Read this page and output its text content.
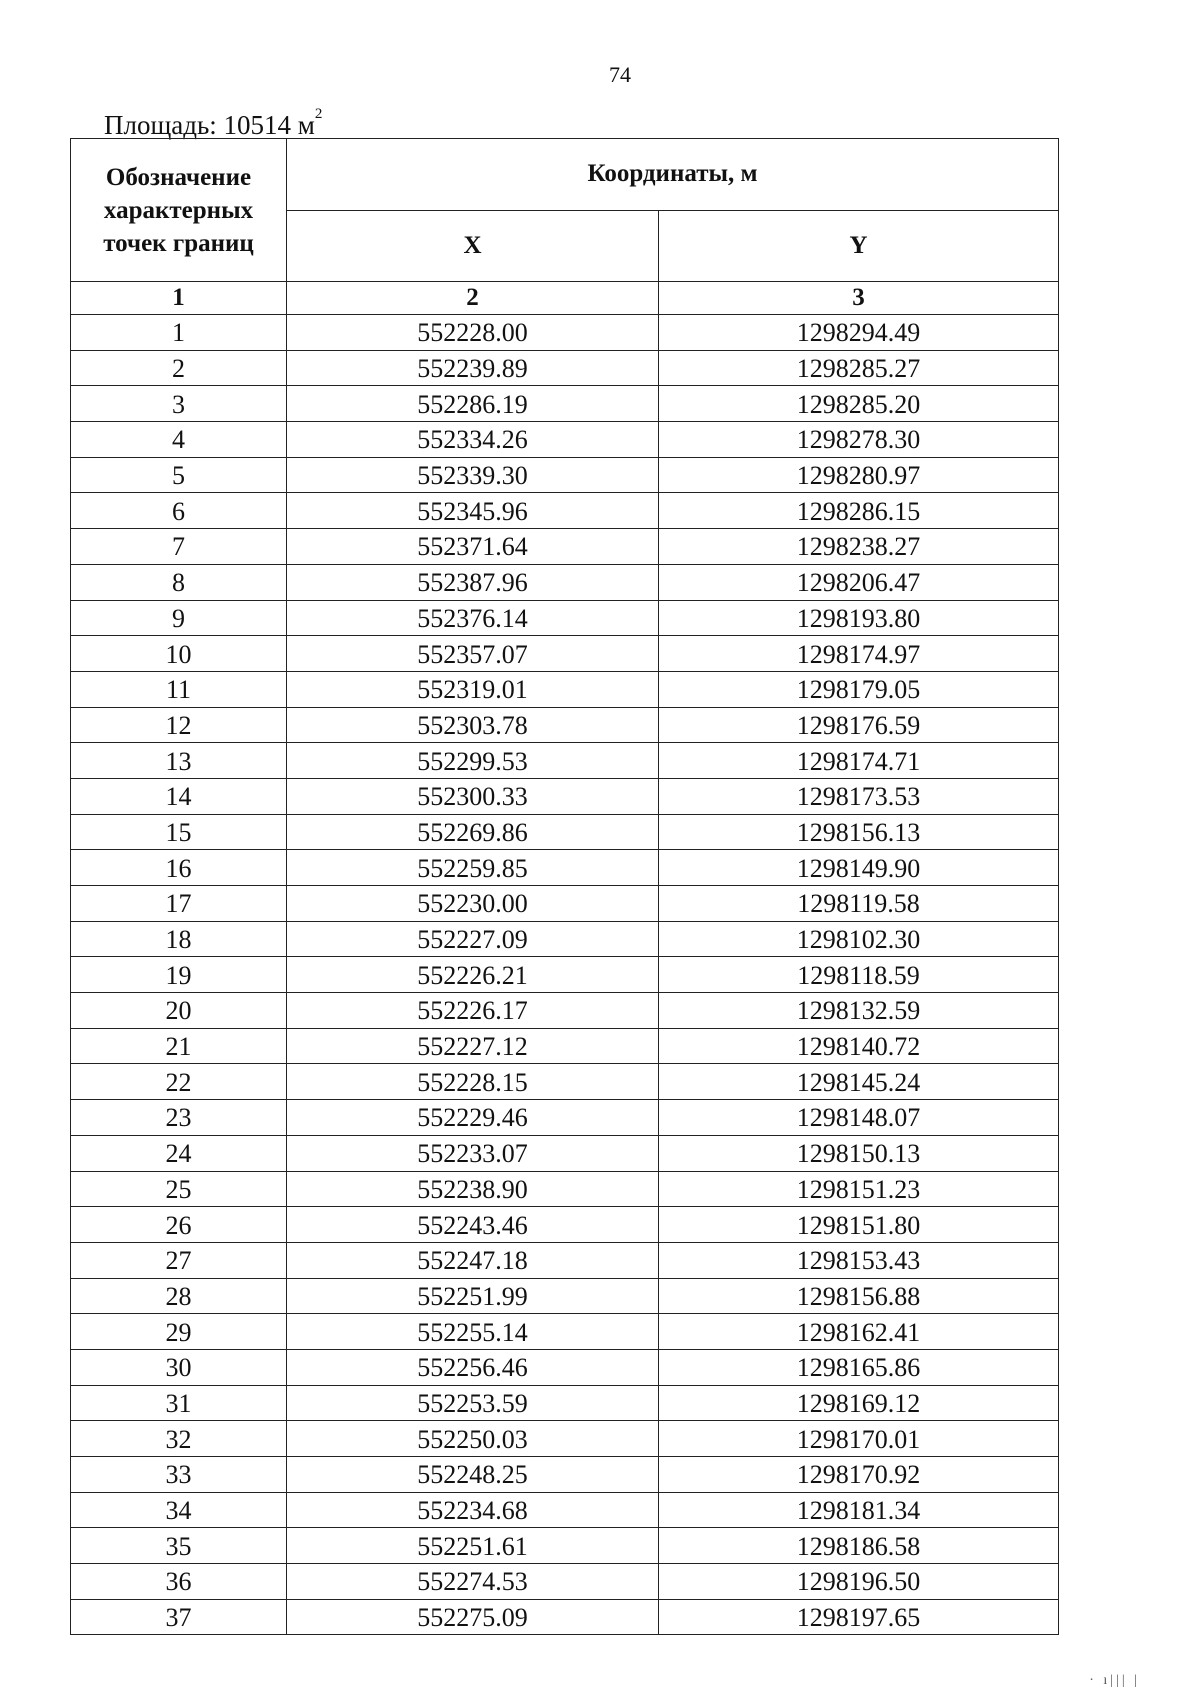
74
Площадь: 10514 $м^2$
Обозначение характерных точек границ	Координаты, м	
	X	Y
1	2	3
1	552228.00	1298294.49
2	552239.89	1298285.27
3	552286.19	1298285.20
4	552334.26	1298278.30
5	552339.30	1298280.97
6	552345.96	1298286.15
7	552371.64	1298238.27
8	552387.96	1298206.47
9	552376.14	1298193.80
10	552357.07	1298174.97
11	552319.01	1298179.05
12	552303.78	1298176.59
13	552299.53	1298174.71
14	552300.33	1298173.53
15	552269.86	1298156.13
16	552259.85	1298149.90
17	552230.00	1298119.58
18	552227.09	1298102.30
19	552226.21	1298118.59
20	552226.17	1298132.59
21	552227.12	1298140.72
22	552228.15	1298145.24
23	552229.46	1298148.07
24	552233.07	1298150.13
25	552238.90	1298151.23
26	552243.46	1298151.80
27	552247.18	1298153.43
28	552251.99	1298156.88
29	552255.14	1298162.41
30	552256.46	1298165.86
31	552253.59	1298169.12
32	552250.03	1298170.01
33	552248.25	1298170.92
34	552234.68	1298181.34
35	552251.61	1298186.58
36	552274.53	1298196.50
37	552275.09	1298197.65
· ı||| |
